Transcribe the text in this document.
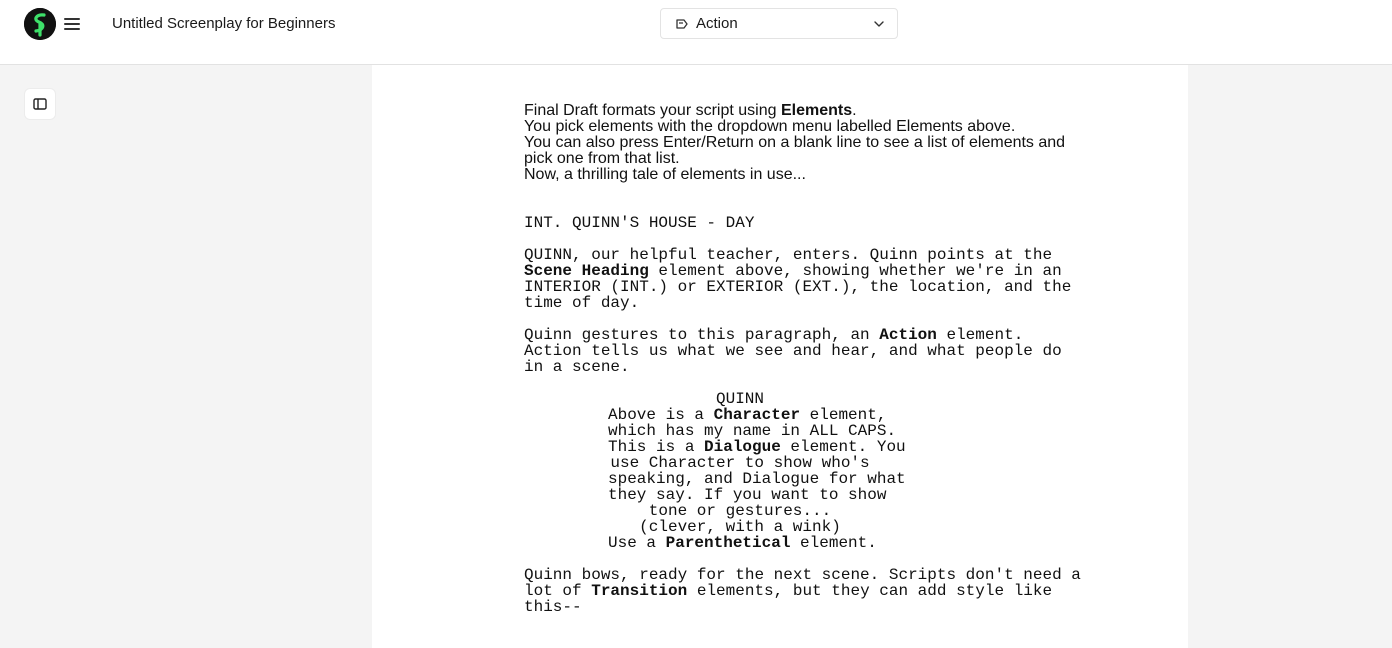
Untitled Screenplay for Beginners	Action

Final Draft formats your script using Elements.

You pick elements with the dropdown menu labelled Elements above.

You can also press Enter/Return on a blank line to see a list of elements and pick one from that list.

Now, a thrilling tale of elements in use...

INT. QUINN'S HOUSE - DAY
QUINN, our helpful teacher, enters. Quinn points at the
Scene Heading element above, showing whether we're in an
INTERIOR (INT.) or EXTERIOR (EXT.), the location, and the
time of day.
Quinn gestures to this paragraph, an Action element.
Action tells us what we see and hear, and what people do
in a scene.
QUINN
Above is a Character element,
which has my name in ALL CAPS.
This is a Dialogue element. You
use Character to show who's
speaking, and Dialogue for what
they say. If you want to show
tone or gestures...
(clever, with a wink)
Use a Parenthetical element.
Quinn bows, ready for the next scene. Scripts don't need a
lot of Transition elements, but they can add style like
this--
